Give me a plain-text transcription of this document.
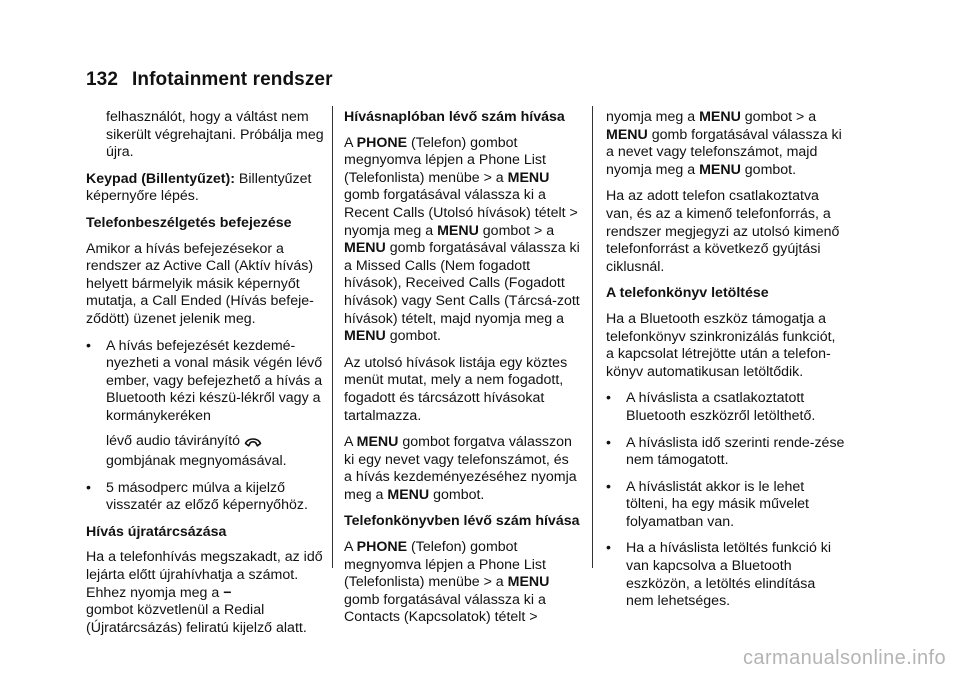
132 Infotainment rendszer

felhasználót, hogy a váltást nem sikerült végrehajtani. Próbálja meg újra.

Keypad (Billentyűzet): Billentyűzet képernyőre lépés.

Telefonbeszélgetés befejezése

Amikor a hívás befejezésekor a rendszer az Active Call (Aktív hívás) helyett bármelyik másik képernyőt mutatja, a Call Ended (Hívás befeje-ződött) üzenet jelenik meg.

• A hívás befejezését kezdemé-nyezheti a vonal másik végén lévő ember, vagy befejezhető a hívás a Bluetooth kézi készü-lékről vagy a kormánykeréken
lévő audio távirányító
gombjának megnyomásával.
• 5 másodperc múlva a kijelző visszatér az előző képernyőhöz.

Hívás újratárcsázása

Ha a telefonhívás megszakadt, az idő lejárta előtt újrahívhatja a számot. Ehhez nyomja meg a −
gombot közvetlenül a Redial (Újratárcsázás) feliratú kijelző alatt.

Hívásnaplóban lévő szám hívása

A PHONE (Telefon) gombot megnyomva lépjen a Phone List (Telefonlista) menübe > a MENU gomb forgatásával válassza ki a Recent Calls (Utolsó hívások) tételt > nyomja meg a MENU gombot > a MENU gomb forgatásával válassza ki a Missed Calls (Nem fogadott hívások), Received Calls (Fogadott hívások) vagy Sent Calls (Tárcsá-zott hívások) tételt, majd nyomja meg a MENU gombot.

Az utolsó hívások listája egy köztes menüt mutat, mely a nem fogadott, fogadott és tárcsázott hívásokat tartalmazza.

A MENU gombot forgatva válasszon ki egy nevet vagy telefonszámot, és a hívás kezdeményezéséhez nyomja meg a MENU gombot.

Telefonkönyvben lévő szám hívása

A PHONE (Telefon) gombot megnyomva lépjen a Phone List (Telefonlista) menübe > a MENU gomb forgatásával válassza ki a Contacts (Kapcsolatok) tételt >

nyomja meg a MENU gombot > a MENU gomb forgatásával válassza ki a nevet vagy telefonszámot, majd nyomja meg a MENU gombot.

Ha az adott telefon csatlakoztatva van, és az a kimenő telefonforrás, a rendszer megjegyzi az utolsó kimenő telefonforrást a következő gyújtási ciklusnál.

A telefonkönyv letöltése

Ha a Bluetooth eszköz támogatja a telefonkönyv szinkronizálás funkciót, a kapcsolat létrejötte után a telefon-könyv automatikusan letöltődik.

• A híváslista a csatlakoztatott Bluetooth eszközről letölthető.
• A híváslista idő szerinti rende-zése nem támogatott.
• A híváslistát akkor is le lehet tölteni, ha egy másik művelet folyamatban van.
• Ha a híváslista letöltés funkció ki van kapcsolva a Bluetooth eszközön, a letöltés elindítása nem lehetséges.
carmanualsonline.info
